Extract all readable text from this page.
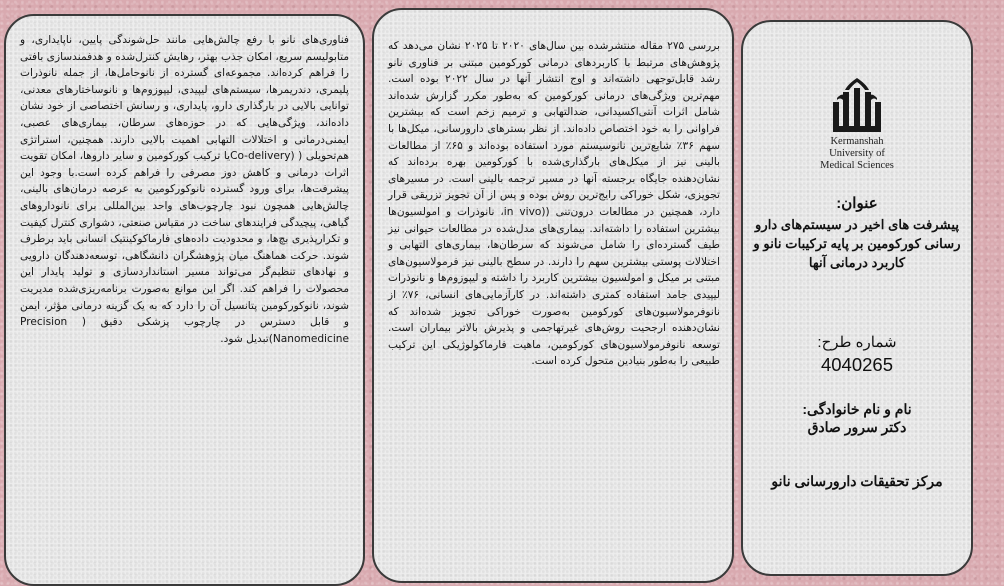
فناوری‌های نانو با رفع چالش‌هایی مانند حل‌شوندگی پایین، ناپایداری، و متابولیسم سریع، امکان جذب بهتر، رهایش کنترل‌شده و هدفمندسازی بافتی را فراهم کرده‌اند. مجموعه‌ای گسترده از نانوحامل‌ها، از جمله نانوذرات پلیمری، دندریمرها، سیستم‌های لیپیدی، لیپوزوم‌ها و نانوساختارهای معدنی، توانایی بالایی در بارگذاری دارو، پایداری، و رسانش اختصاصی از خود نشان داده‌اند، ویژگی‌هایی که در حوزه‌های سرطان، بیماری‌های عصبی، ایمنی‌درمانی و اختلالات التهابی اهمیت بالایی دارند. همچنین، استراتژی هم‌تحویلی ( (Co-deliveryیا ترکیب کورکومین و سایر داروها، امکان تقویت اثرات درمانی و کاهش دوز مصرفی را فراهم کرده است.با وجود این پیشرفت‌ها، برای ورود گسترده نانوکورکومین به عرصه درمان‌های بالینی، چالش‌هایی همچون نبود چارچوب‌های واحد بین‌المللی برای نانوداروهای گیاهی، پیچیدگی فرایندهای ساخت در مقیاس صنعتی، دشواری کنترل کیفیت و تکرارپذیری بچ‌ها، و محدودیت داده‌های فارماکوکینتیک انسانی باید برطرف شوند. حرکت هماهنگ میان پژوهشگران دانشگاهی، توسعه‌دهندگان دارویی و نهادهای تنظیم‌گر می‌تواند مسیر استانداردسازی و تولید پایدار این محصولات را فراهم کند. اگر این موانع به‌صورت برنامه‌ریزی‌شده مدیریت شوند، نانوکورکومین پتانسیل آن را دارد که به یک گزینه درمانی مؤثر، ایمن و قابل دسترس در چارچوب پزشکی دقیق ( Precision (Nanomedicineتبدیل شود.

بررسی ۲۷۵ مقاله منتشرشده بین سال‌های ۲۰۲۰ تا ۲۰۲۵ نشان می‌دهد که پژوهش‌های مرتبط با کاربردهای درمانی کورکومین مبتنی بر فناوری نانو رشد قابل‌توجهی داشته‌اند و اوج انتشار آنها در سال ۲۰۲۲ بوده است. مهم‌ترین ویژگی‌های درمانی کورکومین که به‌طور مکرر گزارش شده‌اند شامل اثرات آنتی‌اکسیدانی، ضدالتهابی و ترمیم زخم است که بیشترین فراوانی را به خود اختصاص داده‌اند. از نظر بسترهای دارورسانی، میکل‌ها با سهم ۳۶٪ شایع‌ترین نانوسیستم مورد استفاده بوده‌اند و ۶۵٪ از مطالعات بالینی نیز از میکل‌های بارگذاری‌شده با کورکومین بهره برده‌اند که نشان‌دهنده جایگاه برجسته آنها در مسیر ترجمه بالینی است. در مسیرهای تجویزی، شکل خوراکی رایج‌ترین روش بوده و پس از آن تجویز تزریقی قرار دارد، همچنین در مطالعات درون‌تنی ((in vivo، نانوذرات و امولسیون‌ها بیشترین استفاده را داشته‌اند. بیماری‌های مدل‌شده در مطالعات حیوانی نیز طیف گسترده‌ای را شامل می‌شوند که سرطان‌ها، بیماری‌های التهابی و اختلالات پوستی بیشترین سهم را دارند. در سطح بالینی نیز فرمولاسیون‌های مبتنی بر میکل و امولسیون بیشترین کاربرد را داشته و لیپوزوم‌ها و نانوذرات لیپیدی جامد استفاده کمتری داشته‌اند. در کارآزمایی‌های انسانی، ۷۶٪ از نانوفرمولاسیون‌های کورکومین به‌صورت خوراکی تجویز شده‌اند که نشان‌دهنده ارجحیت روش‌های غیرتهاجمی و پذیرش بالاتر بیماران است. توسعه نانوفرمولاسیون‌های کورکومین، ماهیت فارماکولوژیکی این ترکیب طبیعی را به‌طور بنیادین متحول کرده است.

Kermanshah
University of
Medical Sciences
عنوان:
پیشرفت های اخیر در سیستم‌های دارو رسانی کورکومین بر پایه ترکیبات نانو و کاربرد درمانی آنها
شماره طرح:
4040265
نام و نام خانوادگی:
دکتر سرور صادق
مرکز تحقیقات دارورسانی نانو
